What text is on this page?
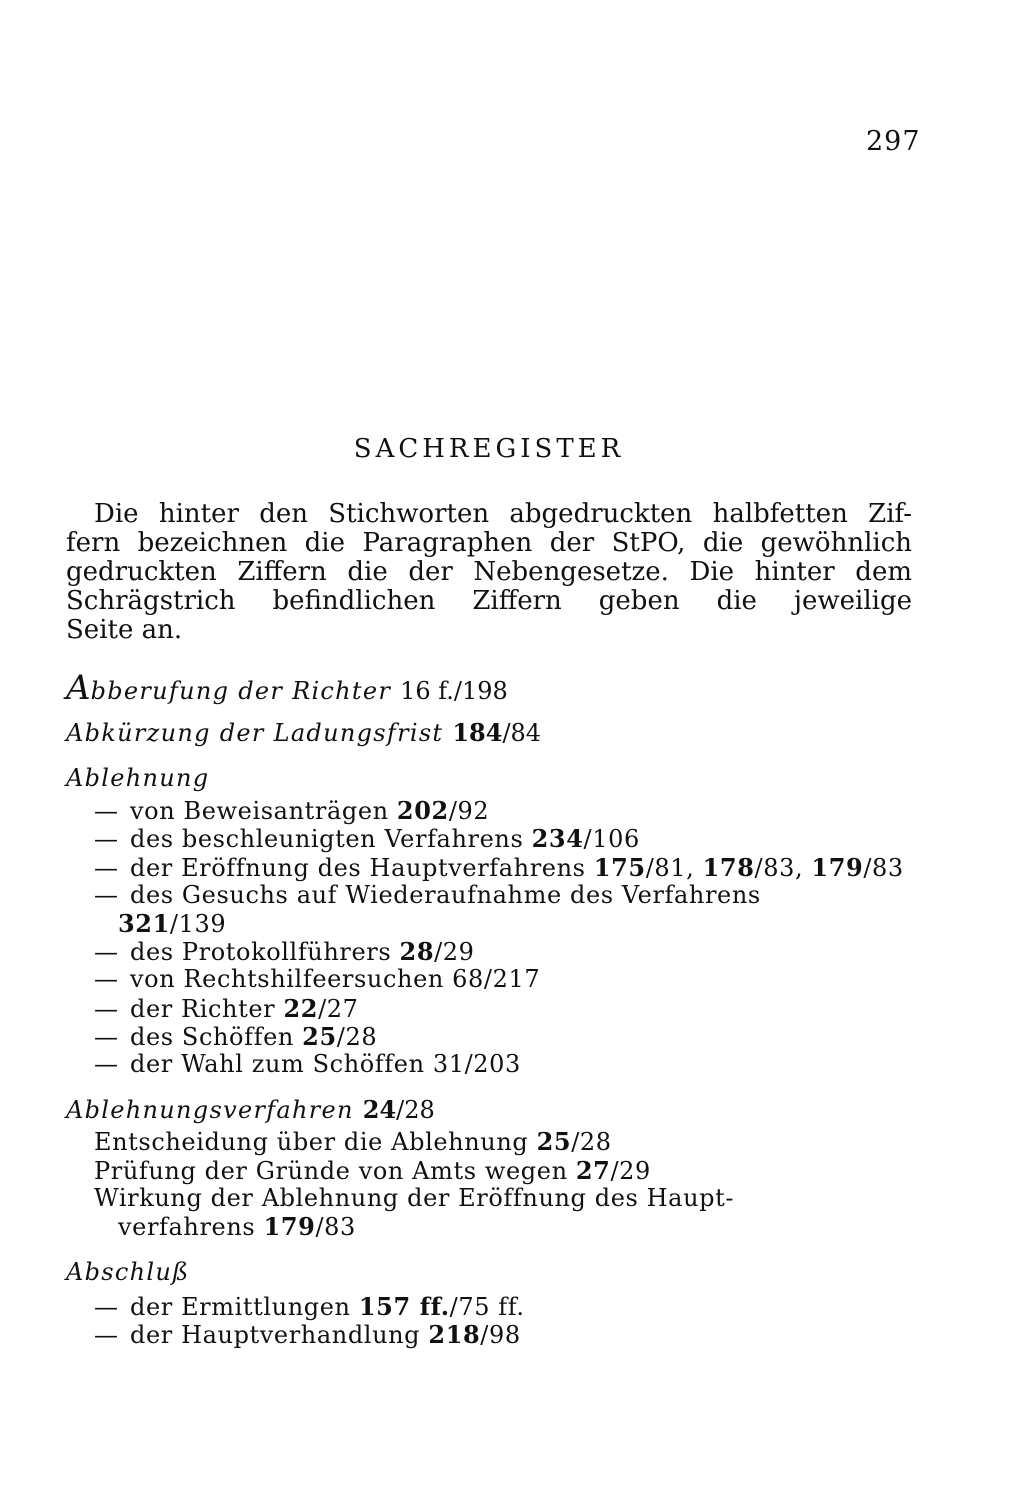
297
SACHREGISTER

Die hinter den Stichworten abgedruckten halbfetten Zif-
fern bezeichnen die Paragraphen der StPO, die gewöhnlich
gedruckten Ziffern die der Nebengesetze. Die hinter dem
Schrägstrich befindlichen Ziffern geben die jeweilige
Seite an.

Abberufung der Richter 16 f./198
Abkürzung der Ladungsfrist 184/84
Ablehnung
— von Beweisanträgen 202/92
— des beschleunigten Verfahrens 234/106
— der Eröffnung des Hauptverfahrens 175/81, 178/83, 179/83
— des Gesuchs auf Wiederaufnahme des Verfahrens
321/139
— des Protokollführers 28/29
— von Rechtshilfeersuchen 68/217
— der Richter 22/27
— des Schöffen 25/28
— der Wahl zum Schöffen 31/203
Ablehnungsverfahren 24/28
Entscheidung über die Ablehnung 25/28
Prüfung der Gründe von Amts wegen 27/29
Wirkung der Ablehnung der Eröffnung des Haupt-
verfahrens 179/83
Abschluß
— der Ermittlungen 157 ff./75 ff.
— der Hauptverhandlung 218/98
